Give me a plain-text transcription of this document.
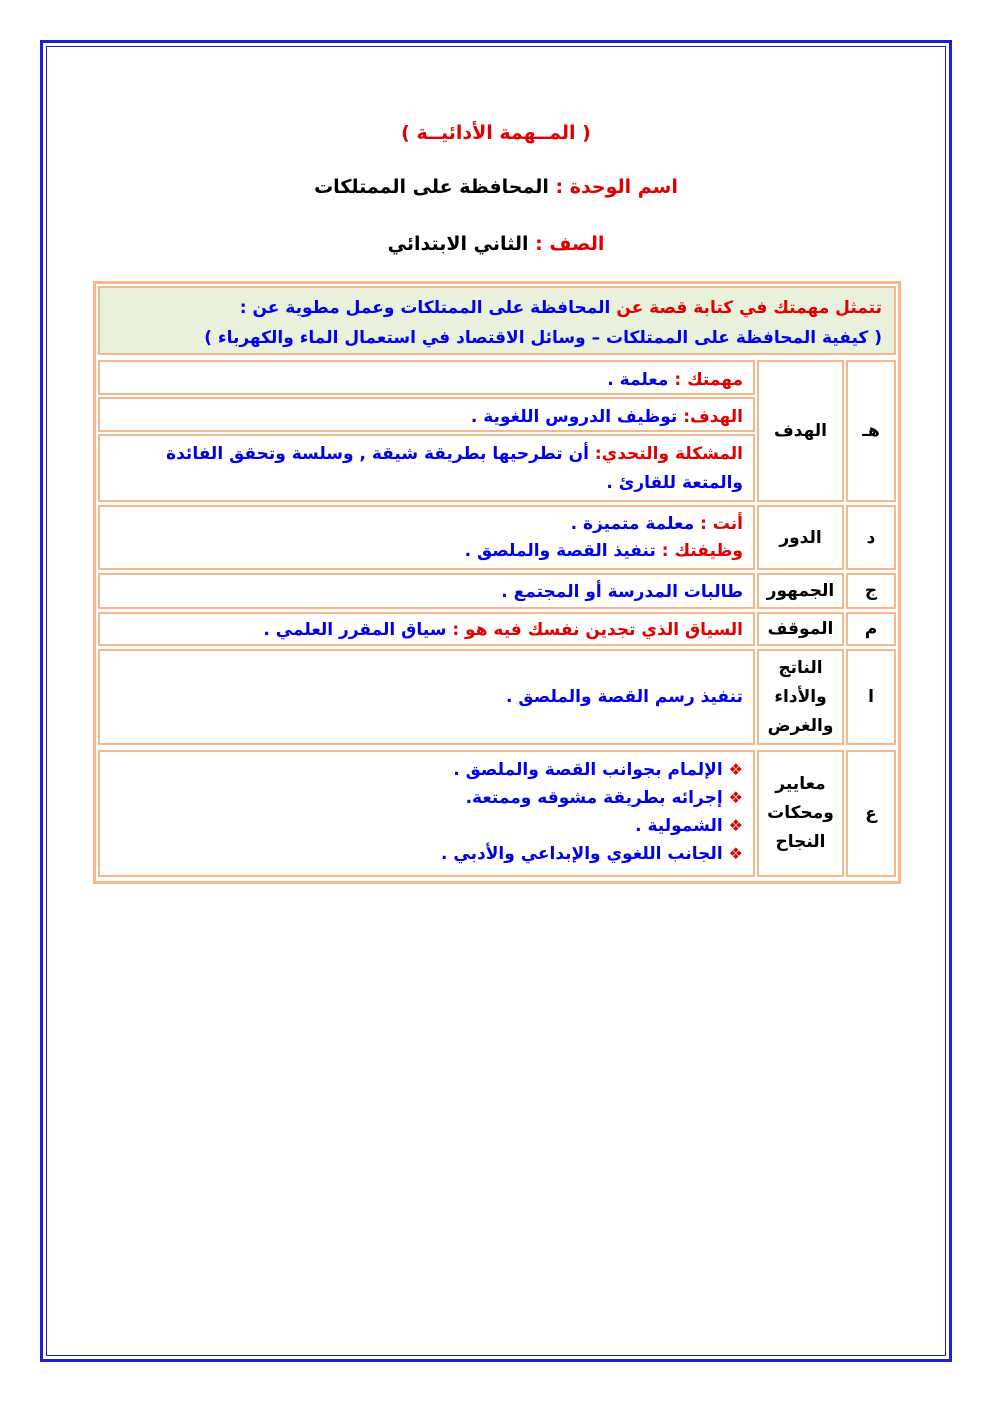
( المــهمة الأدائيــة )
اسم الوحدة : المحافظة على الممتلكات
الصف : الثاني الابتدائي
تتمثل مهمتك في كتابة قصة عن المحافظة على الممتلكات وعمل مطوية عن :
( كيفية المحافظة على الممتلكات – وسائل الاقتصاد في استعمال الماء والكهرباء )
هـ
الهدف
مهمتك : معلمة .
الهدف: توظيف الدروس اللغوية .
المشكلة والتحدي: أن تطرحيها بطريقة شيقة , وسلسة وتحقق الفائدة والمتعة للقارئ .
د
الدور
أنت : معلمة متميزة .
وظيفتك : تنفيذ القصة والملصق .
ج
الجمهور
طالبات المدرسة أو المجتمع .
م
الموقف
السياق الذي تجدين نفسك فيه هو : سياق المقرر العلمي .
ا
الناتج والأداء والغرض
تنفيذ رسم القصة والملصق .
ع
معايير ومحكات النجاح
❖الإلمام بجوانب القصة والملصق .
❖إجرائه بطريقة مشوقه وممتعة.
❖الشمولية .
❖الجانب اللغوي والإبداعي والأدبي .
